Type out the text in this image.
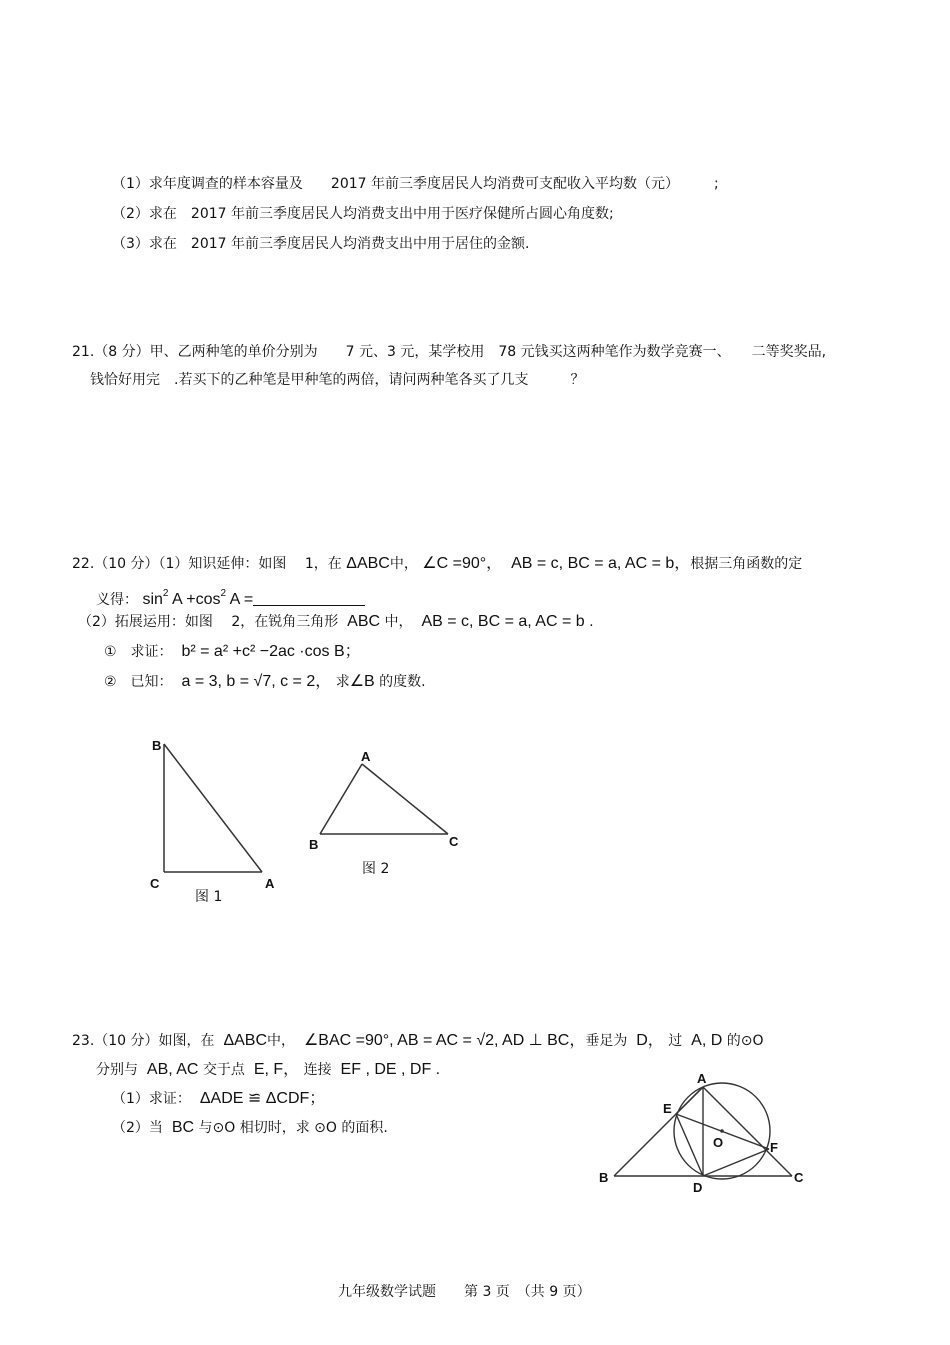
（1）求年度调查的样本容量及　　2017 年前三季度居民人均消费可支配收入平均数（元）　　　;
（2）求在　2017 年前三季度居民人均消费支出中用于医疗保健所占圆心角度数;
（3）求在　2017 年前三季度居民人均消费支出中用于居住的金额.
21.（8 分）甲、乙两种笔的单价分别为　　7 元、3 元，某学校用　78 元钱买这两种笔作为数学竞赛一、　　二等奖奖品,
钱恰好用完　.若买下的乙种笔是甲种笔的两倍，请问两种笔各买了几支　　　？
22.（10 分）（1）知识延伸：如图　 1，在 ΔABC中， ∠C =90°， AB = c, BC = a, AC = b，根据三角函数的定
义得： $\sin^2 A +\cos^2$ A =
（2）拓展运用：如图　 2，在锐角三角形 ABC 中， AB = c, BC = a, AC = b .
①　求证： b² = a² +c² −2ac ·cos B；
②　已知： a = 3, b = √7, c = 2， 求∠B 的度数.
B
C	A
图 1
A
B	C
图 2
23.（10 分）如图，在 ΔABC中， ∠BAC =90°, AB = AC = √2, AD ⊥ BC，垂足为 D， 过 A, D 的⊙O
分别与 AB, AC 交于点 E, F， 连接 EF , DE , DF .
（1）求证： ΔADE ≌ ΔCDF；
（2）当 BC 与⊙O 相切时，求 ⊙O 的面积.
A
E
O	F
B
D
C
九年级数学试题　　第 3 页　（共 9 页）
